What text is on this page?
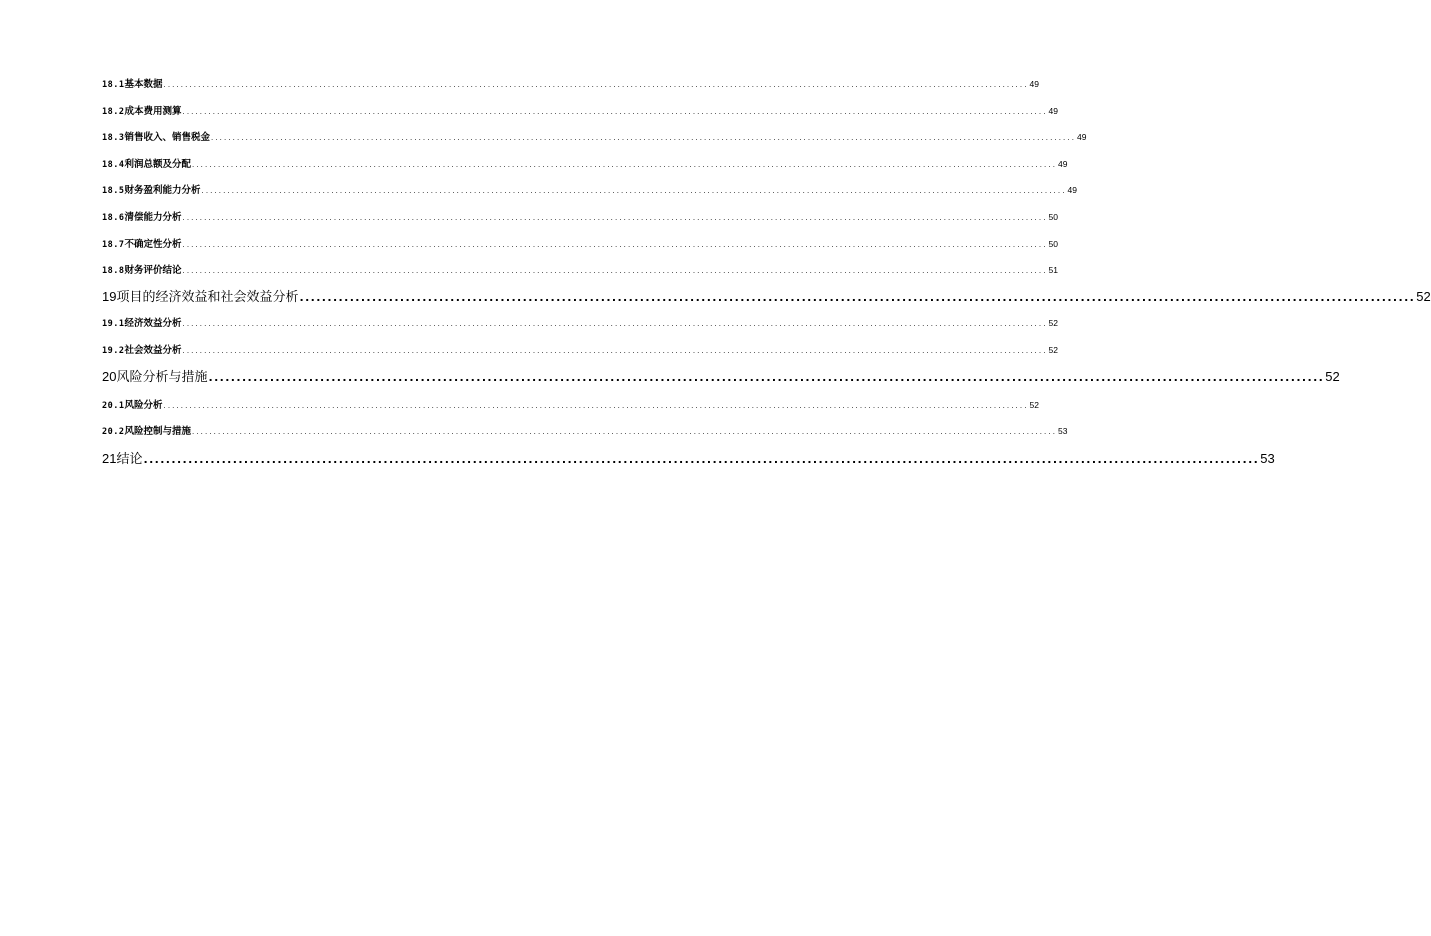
18.1 基本数据 ........................................................................................................................................................................................................ 49
18.2 成本费用测算 ........................................................................................................................................................................................................ 49
18.3 销售收入、销售税金 ........................................................................................................................................................................................................ 49
18.4 利润总额及分配 ........................................................................................................................................................................................................ 49
18.5 财务盈利能力分析 ........................................................................................................................................................................................................ 49
18.6 清偿能力分析 ........................................................................................................................................................................................................ 50
18.7 不确定性分析 ........................................................................................................................................................................................................ 50
18.8 财务评价结论 ........................................................................................................................................................................................................ 51
19 项目的经济效益和社会效益分析 ........................................................................................................................................................................................................ 52
19.1 经济效益分析 ........................................................................................................................................................................................................ 52
19.2 社会效益分析 ........................................................................................................................................................................................................ 52
20 风险分析与措施 ........................................................................................................................................................................................................ 52
20.1 风险分析 ........................................................................................................................................................................................................ 52
20.2 风险控制与措施 ........................................................................................................................................................................................................ 53
21 结论 ........................................................................................................................................................................................................ 53
